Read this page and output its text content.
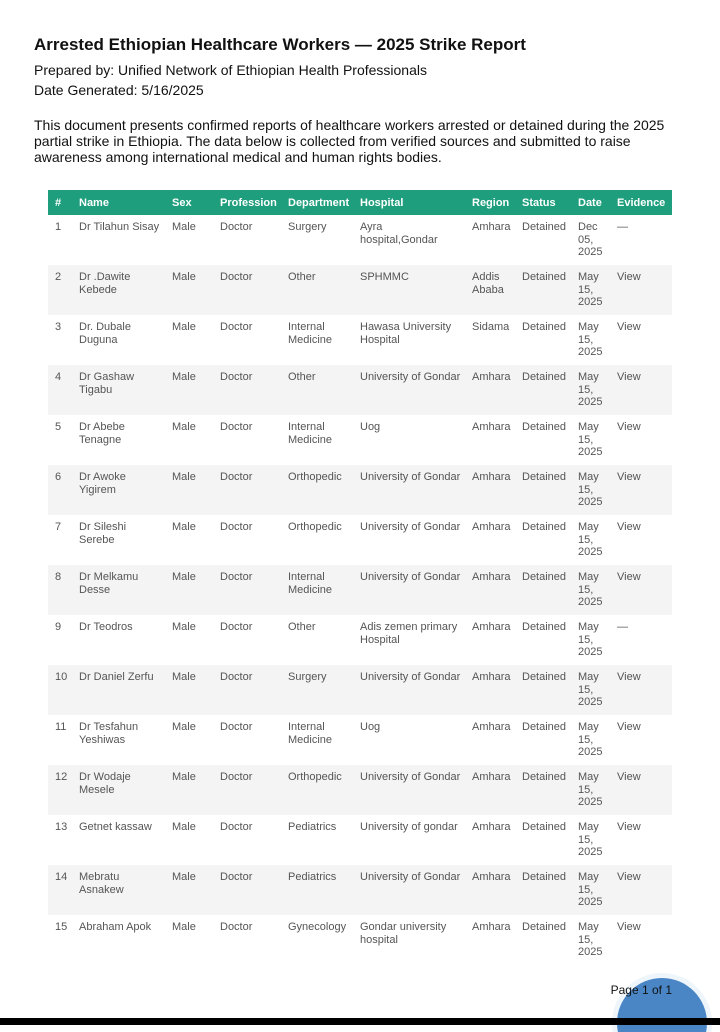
Arrested Ethiopian Healthcare Workers — 2025 Strike Report
Prepared by: Unified Network of Ethiopian Health Professionals
Date Generated: 5/16/2025

This document presents confirmed reports of healthcare workers arrested or detained during the 2025 partial strike in Ethiopia. The data below is collected from verified sources and submitted to raise awareness among international medical and human rights bodies.

#	Name	Sex	Profession	Department	Hospital	Region	Status	Date	Evidence
1	Dr Tilahun Sisay	Male	Doctor	Surgery	Ayra hospital,Gondar	Amhara	Detained	Dec 05, 2025	—
2	Dr .Dawite Kebede	Male	Doctor	Other	SPHMMC	Addis Ababa	Detained	May 15, 2025	View
3	Dr. Dubale Duguna	Male	Doctor	Internal Medicine	Hawasa University Hospital	Sidama	Detained	May 15, 2025	View
4	Dr Gashaw Tigabu	Male	Doctor	Other	University of Gondar	Amhara	Detained	May 15, 2025	View
5	Dr Abebe Tenagne	Male	Doctor	Internal Medicine	Uog	Amhara	Detained	May 15, 2025	View
6	Dr Awoke Yigirem	Male	Doctor	Orthopedic	University of Gondar	Amhara	Detained	May 15, 2025	View
7	Dr Sileshi Serebe	Male	Doctor	Orthopedic	University of Gondar	Amhara	Detained	May 15, 2025	View
8	Dr Melkamu Desse	Male	Doctor	Internal Medicine	University of Gondar	Amhara	Detained	May 15, 2025	View
9	Dr Teodros	Male	Doctor	Other	Adis zemen primary Hospital	Amhara	Detained	May 15, 2025	—
10	Dr Daniel Zerfu	Male	Doctor	Surgery	University of Gondar	Amhara	Detained	May 15, 2025	View
11	Dr Tesfahun Yeshiwas	Male	Doctor	Internal Medicine	Uog	Amhara	Detained	May 15, 2025	View
12	Dr Wodaje Mesele	Male	Doctor	Orthopedic	University of Gondar	Amhara	Detained	May 15, 2025	View
13	Getnet kassaw	Male	Doctor	Pediatrics	University of gondar	Amhara	Detained	May 15, 2025	View
14	Mebratu Asnakew	Male	Doctor	Pediatrics	University of Gondar	Amhara	Detained	May 15, 2025	View
15	Abraham Apok	Male	Doctor	Gynecology	Gondar university hospital	Amhara	Detained	May 15, 2025	View
Page 1 of 1
